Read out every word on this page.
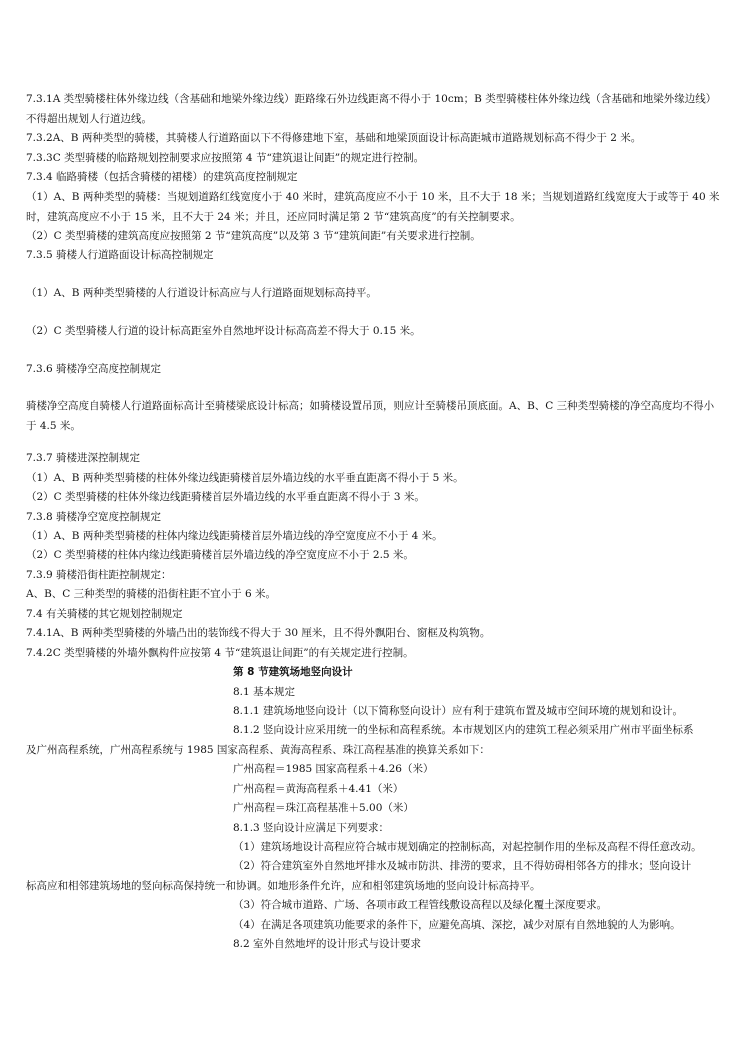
7.3.1A 类型骑楼柱体外缘边线（含基础和地梁外缘边线）距路缘石外边线距离不得小于 10cm；B 类型骑楼柱体外缘边线（含基础和地梁外缘边线）不得超出规划人行道边线。
7.3.2A、B 两种类型的骑楼，其骑楼人行道路面以下不得修建地下室，基础和地梁顶面设计标高距城市道路规划标高不得少于 2 米。
7.3.3C 类型骑楼的临路规划控制要求应按照第 4 节“建筑退让间距”的规定进行控制。
7.3.4 临路骑楼（包括含骑楼的裙楼）的建筑高度控制规定
（1）A、B 两种类型的骑楼：当规划道路红线宽度小于 40 米时，建筑高度应不小于 10 米，且不大于 18 米；当规划道路红线宽度大于或等于 40 米时，建筑高度应不小于 15 米，且不大于 24 米；并且，还应同时满足第 2 节“建筑高度”的有关控制要求。
（2）C 类型骑楼的建筑高度应按照第 2 节“建筑高度”以及第 3 节“建筑间距”有关要求进行控制。
7.3.5 骑楼人行道路面设计标高控制规定
（1）A、B 两种类型骑楼的人行道设计标高应与人行道路面规划标高持平。
（2）C 类型骑楼人行道的设计标高距室外自然地坪设计标高高差不得大于 0.15 米。
7.3.6 骑楼净空高度控制规定
骑楼净空高度自骑楼人行道路面标高计至骑楼梁底设计标高；如骑楼设置吊顶，则应计至骑楼吊顶底面。A、B、C 三种类型骑楼的净空高度均不得小于 4.5 米。
7.3.7 骑楼进深控制规定
（1）A、B 两种类型骑楼的柱体外缘边线距骑楼首层外墙边线的水平垂直距离不得小于 5 米。
（2）C 类型骑楼的柱体外缘边线距骑楼首层外墙边线的水平垂直距离不得小于 3 米。
7.3.8 骑楼净空宽度控制规定
（1）A、B 两种类型骑楼的柱体内缘边线距骑楼首层外墙边线的净空宽度应不小于 4 米。
（2）C 类型骑楼的柱体内缘边线距骑楼首层外墙边线的净空宽度应不小于 2.5 米。
7.3.9 骑楼沿街柱距控制规定：
A、B、C 三种类型的骑楼的沿街柱距不宜小于 6 米。
7.4 有关骑楼的其它规划控制规定
7.4.1A、B 两种类型骑楼的外墙凸出的装饰线不得大于 30 厘米，且不得外飘阳台、窗框及构筑物。
7.4.2C 类型骑楼的外墙外飘构件应按第 4 节“建筑退让间距”的有关规定进行控制。
第 8 节建筑场地竖向设计
8.1 基本规定
8.1.1 建筑场地竖向设计（以下简称竖向设计）应有利于建筑布置及城市空间环境的规划和设计。
8.1.2 竖向设计应采用统一的坐标和高程系统。本市规划区内的建筑工程必须采用广州市平面坐标系
及广州高程系统，广州高程系统与 1985 国家高程系、黄海高程系、珠江高程基准的换算关系如下：
广州高程＝1985 国家高程系＋4.26（米）
广州高程＝黄海高程系＋4.41（米）
广州高程＝珠江高程基准＋5.00（米）
8.1.3 竖向设计应满足下列要求：
（1）建筑场地设计高程应符合城市规划确定的控制标高，对起控制作用的坐标及高程不得任意改动。
（2）符合建筑室外自然地坪排水及城市防洪、排涝的要求，且不得妨碍相邻各方的排水；竖向设计
标高应和相邻建筑场地的竖向标高保持统一和协调。如地形条件允许，应和相邻建筑场地的竖向设计标高持平。
（3）符合城市道路、广场、各项市政工程管线敷设高程以及绿化覆土深度要求。
（4）在满足各项建筑功能要求的条件下，应避免高填、深挖，减少对原有自然地貌的人为影响。
8.2 室外自然地坪的设计形式与设计要求
